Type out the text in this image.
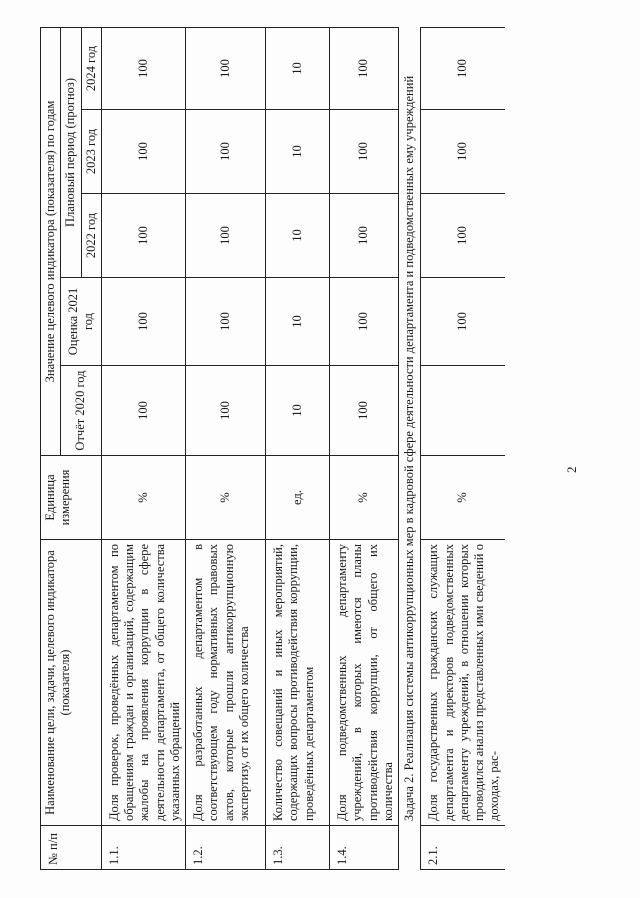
2
№ п/п	Наименование цели, задачи, целевого индикатора (показателя)	Единица измерения	Значение целевого индикатора (показателя) по годам				
			Отчёт 2020 год	Оценка 2021 год	Плановый период (прогноз)		
					2022 год	2023 год	2024 год
1.1.	Доля проверок, проведённых департаментом по обращениям граждан и организаций, содержащим жалобы на проявления коррупции в сфере деятельности департамента, от общего количества указанных обращений	%	100	100	100	100	100
1.2.	Доля разработанных департаментом в соответствующем году нормативных правовых актов, которые прошли антикоррупционную экспертизу, от их общего количества	%	100	100	100	100	100
1.3.	Количество совещаний и иных мероприятий, содержащих вопросы противодействия коррупции, проведённых департаментом	ед.	10	10	10	10	10
1.4.	Доля подведомственных департаменту учреждений, в которых имеются планы противодействия коррупции, от общего их количества	%	100	100	100	100	100
Задача 2. Реализация системы антикоррупционных мер в кадровой сфере деятельности департамента и подведомственных ему учреждений							
2.1.	Доля государственных гражданских служащих департамента и директоров подведомственных департаменту учреждений, в отношении которых проводился анализ представленных ими сведений о доходах, рас-	%		100	100	100	100
